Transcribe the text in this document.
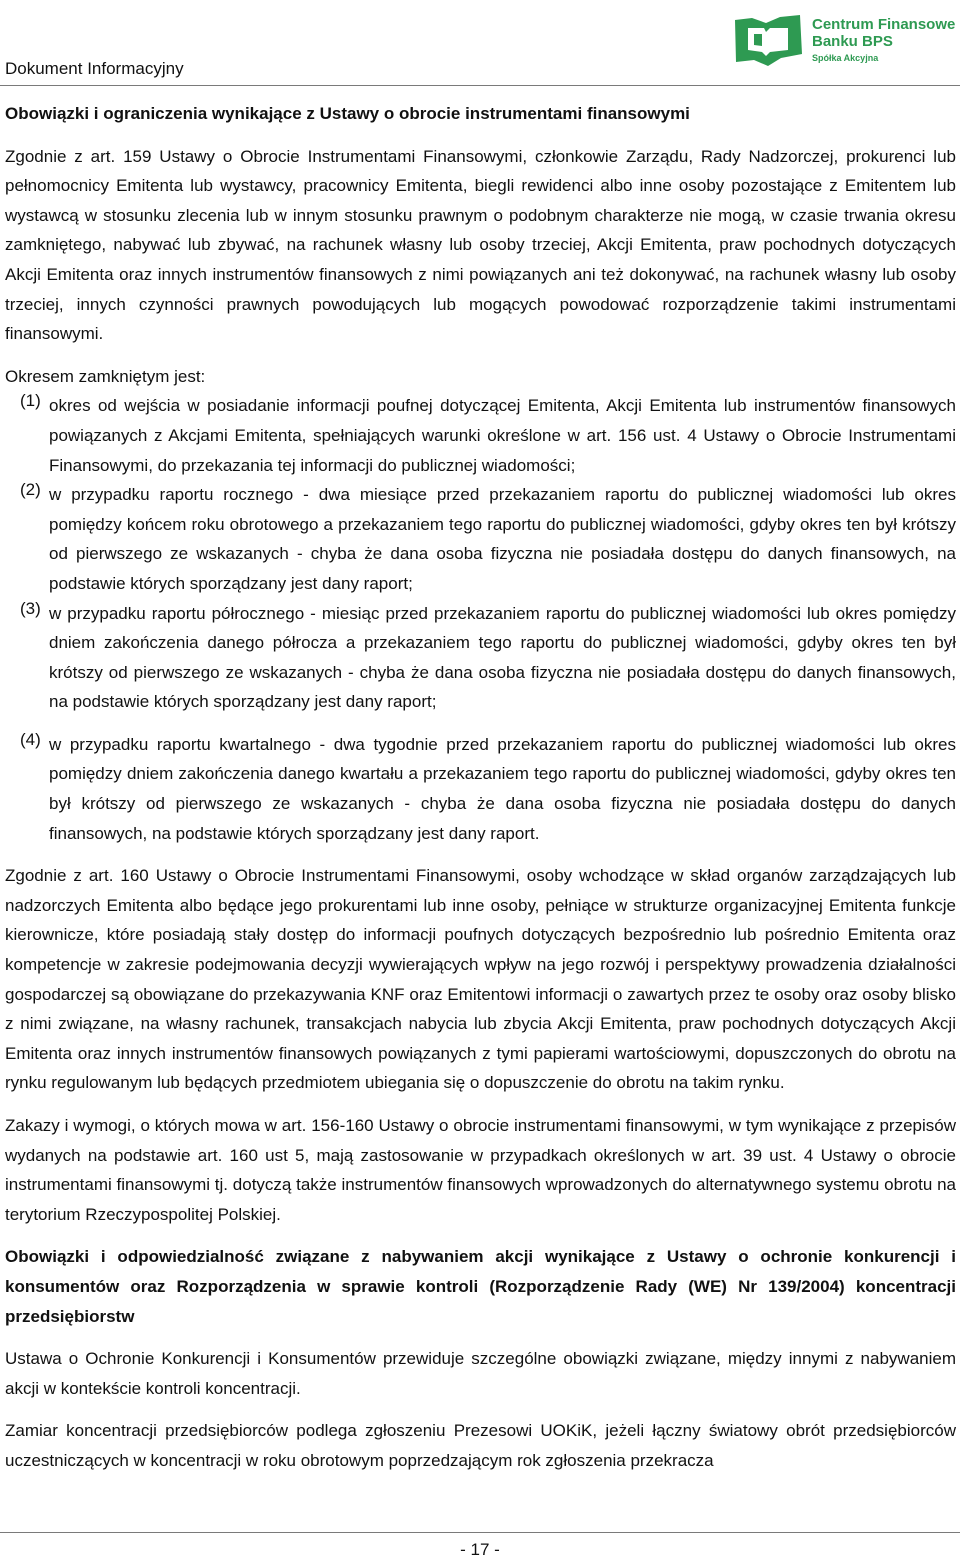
Dokument Informacyjny
Centrum Finansowe
Banku BPS
Spółka Akcyjna

Obowiązki i ograniczenia wynikające z Ustawy o obrocie instrumentami finansowymi

Zgodnie z art. 159 Ustawy o Obrocie Instrumentami Finansowymi, członkowie Zarządu, Rady Nadzorczej, prokurenci lub pełnomocnicy Emitenta lub wystawcy, pracownicy Emitenta, biegli rewidenci albo inne osoby pozostające z Emitentem lub wystawcą w stosunku zlecenia lub w innym stosunku prawnym o podobnym charakterze nie mogą, w czasie trwania okresu zamkniętego, nabywać lub zbywać, na rachunek własny lub osoby trzeciej, Akcji Emitenta, praw pochodnych dotyczących Akcji Emitenta oraz innych instrumentów finansowych z nimi powiązanych ani też dokonywać, na rachunek własny lub osoby trzeciej, innych czynności prawnych powodujących lub mogących powodować rozporządzenie takimi instrumentami finansowymi.

Okresem zamkniętym jest:

(1) okres od wejścia w posiadanie informacji poufnej dotyczącej Emitenta, Akcji Emitenta lub instrumentów finansowych powiązanych z Akcjami Emitenta, spełniających warunki określone w art. 156 ust. 4 Ustawy o Obrocie Instrumentami Finansowymi, do przekazania tej informacji do publicznej wiadomości;
(2) w przypadku raportu rocznego - dwa miesiące przed przekazaniem raportu do publicznej wiadomości lub okres pomiędzy końcem roku obrotowego a przekazaniem tego raportu do publicznej wiadomości, gdyby okres ten był krótszy od pierwszego ze wskazanych - chyba że dana osoba fizyczna nie posiadała dostępu do danych finansowych, na podstawie których sporządzany jest dany raport;
(3) w przypadku raportu półrocznego - miesiąc przed przekazaniem raportu do publicznej wiadomości lub okres pomiędzy dniem zakończenia danego półrocza a przekazaniem tego raportu do publicznej wiadomości, gdyby okres ten był krótszy od pierwszego ze wskazanych - chyba że dana osoba fizyczna nie posiadała dostępu do danych finansowych, na podstawie których sporządzany jest dany raport;
(4) w przypadku raportu kwartalnego - dwa tygodnie przed przekazaniem raportu do publicznej wiadomości lub okres pomiędzy dniem zakończenia danego kwartału a przekazaniem tego raportu do publicznej wiadomości, gdyby okres ten był krótszy od pierwszego ze wskazanych - chyba że dana osoba fizyczna nie posiadała dostępu do danych finansowych, na podstawie których sporządzany jest dany raport.

Zgodnie z art. 160 Ustawy o Obrocie Instrumentami Finansowymi, osoby wchodzące w skład organów zarządzających lub nadzorczych Emitenta albo będące jego prokurentami lub inne osoby, pełniące w strukturze organizacyjnej Emitenta funkcje kierownicze, które posiadają stały dostęp do informacji poufnych dotyczących bezpośrednio lub pośrednio Emitenta oraz kompetencje w zakresie podejmowania decyzji wywierających wpływ na jego rozwój i perspektywy prowadzenia działalności gospodarczej są obowiązane do przekazywania KNF oraz Emitentowi informacji o zawartych przez te osoby oraz osoby blisko z nimi związane, na własny rachunek, transakcjach nabycia lub zbycia Akcji Emitenta, praw pochodnych dotyczących Akcji Emitenta oraz innych instrumentów finansowych powiązanych z tymi papierami wartościowymi, dopuszczonych do obrotu na rynku regulowanym lub będących przedmiotem ubiegania się o dopuszczenie do obrotu na takim rynku.

Zakazy i wymogi, o których mowa w art. 156-160 Ustawy o obrocie instrumentami finansowymi, w tym wynikające z przepisów wydanych na podstawie art. 160 ust 5, mają zastosowanie w przypadkach określonych w art. 39 ust. 4 Ustawy o obrocie instrumentami finansowymi tj. dotyczą także instrumentów finansowych wprowadzonych do alternatywnego systemu obrotu na terytorium Rzeczypospolitej Polskiej.

Obowiązki i odpowiedzialność związane z nabywaniem akcji wynikające z Ustawy o ochronie konkurencji i konsumentów oraz Rozporządzenia w sprawie kontroli (Rozporządzenie Rady (WE) Nr 139/2004) koncentracji przedsiębiorstw

Ustawa o Ochronie Konkurencji i Konsumentów przewiduje szczególne obowiązki związane, między innymi z nabywaniem akcji w kontekście kontroli koncentracji.

Zamiar koncentracji przedsiębiorców podlega zgłoszeniu Prezesowi UOKiK, jeżeli łączny światowy obrót przedsiębiorców uczestniczących w koncentracji w roku obrotowym poprzedzającym rok zgłoszenia przekracza

- 17 -
